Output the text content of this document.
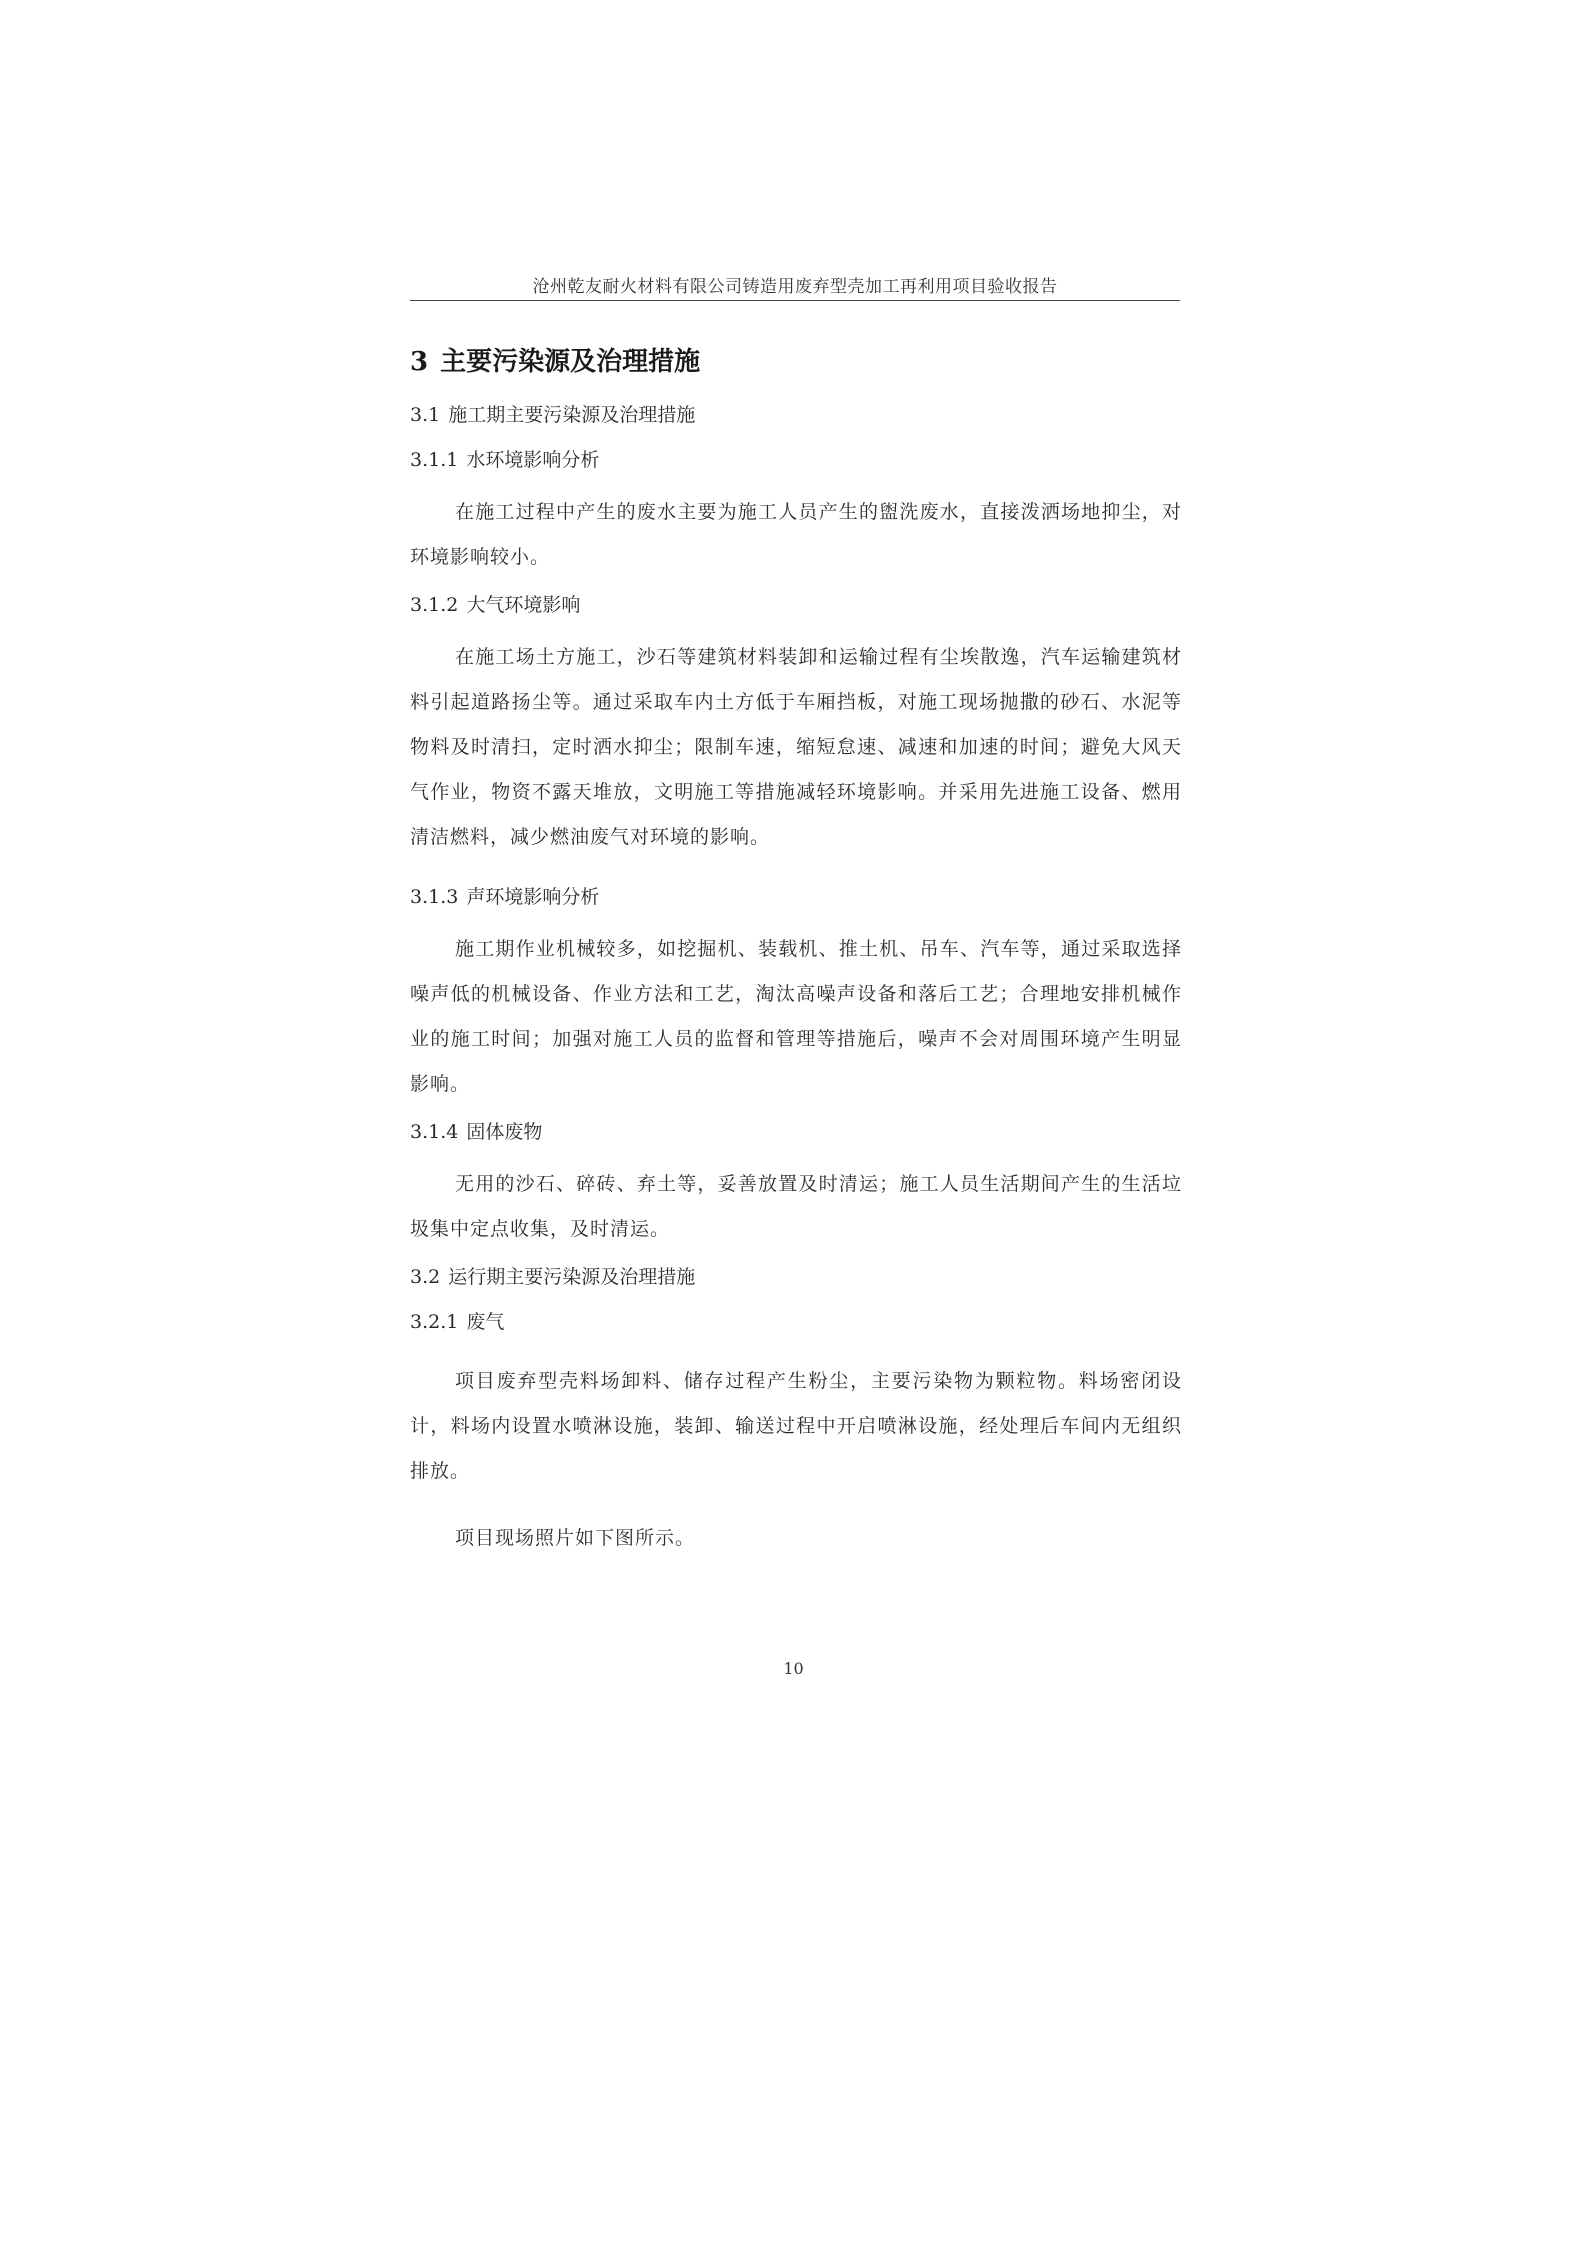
沧州乾友耐火材料有限公司铸造用废弃型壳加工再利用项目验收报告
3 主要污染源及治理措施
3.1 施工期主要污染源及治理措施
3.1.1 水环境影响分析

在施工过程中产生的废水主要为施工人员产生的盥洗废水，直接泼洒场地抑尘，对环境影响较小。

3.1.2 大气环境影响

在施工场土方施工，沙石等建筑材料装卸和运输过程有尘埃散逸，汽车运输建筑材料引起道路扬尘等。通过采取车内土方低于车厢挡板，对施工现场抛撒的砂石、水泥等物料及时清扫，定时洒水抑尘；限制车速，缩短怠速、减速和加速的时间；避免大风天气作业，物资不露天堆放，文明施工等措施减轻环境影响。并采用先进施工设备、燃用清洁燃料，减少燃油废气对环境的影响。

3.1.3 声环境影响分析

施工期作业机械较多，如挖掘机、装载机、推土机、吊车、汽车等，通过采取选择噪声低的机械设备、作业方法和工艺，淘汰高噪声设备和落后工艺；合理地安排机械作业的施工时间；加强对施工人员的监督和管理等措施后，噪声不会对周围环境产生明显影响。

3.1.4 固体废物

无用的沙石、碎砖、弃土等，妥善放置及时清运；施工人员生活期间产生的生活垃圾集中定点收集，及时清运。

3.2 运行期主要污染源及治理措施
3.2.1 废气

项目废弃型壳料场卸料、储存过程产生粉尘，主要污染物为颗粒物。料场密闭设计，料场内设置水喷淋设施，装卸、输送过程中开启喷淋设施，经处理后车间内无组织排放。

项目现场照片如下图所示。

10
